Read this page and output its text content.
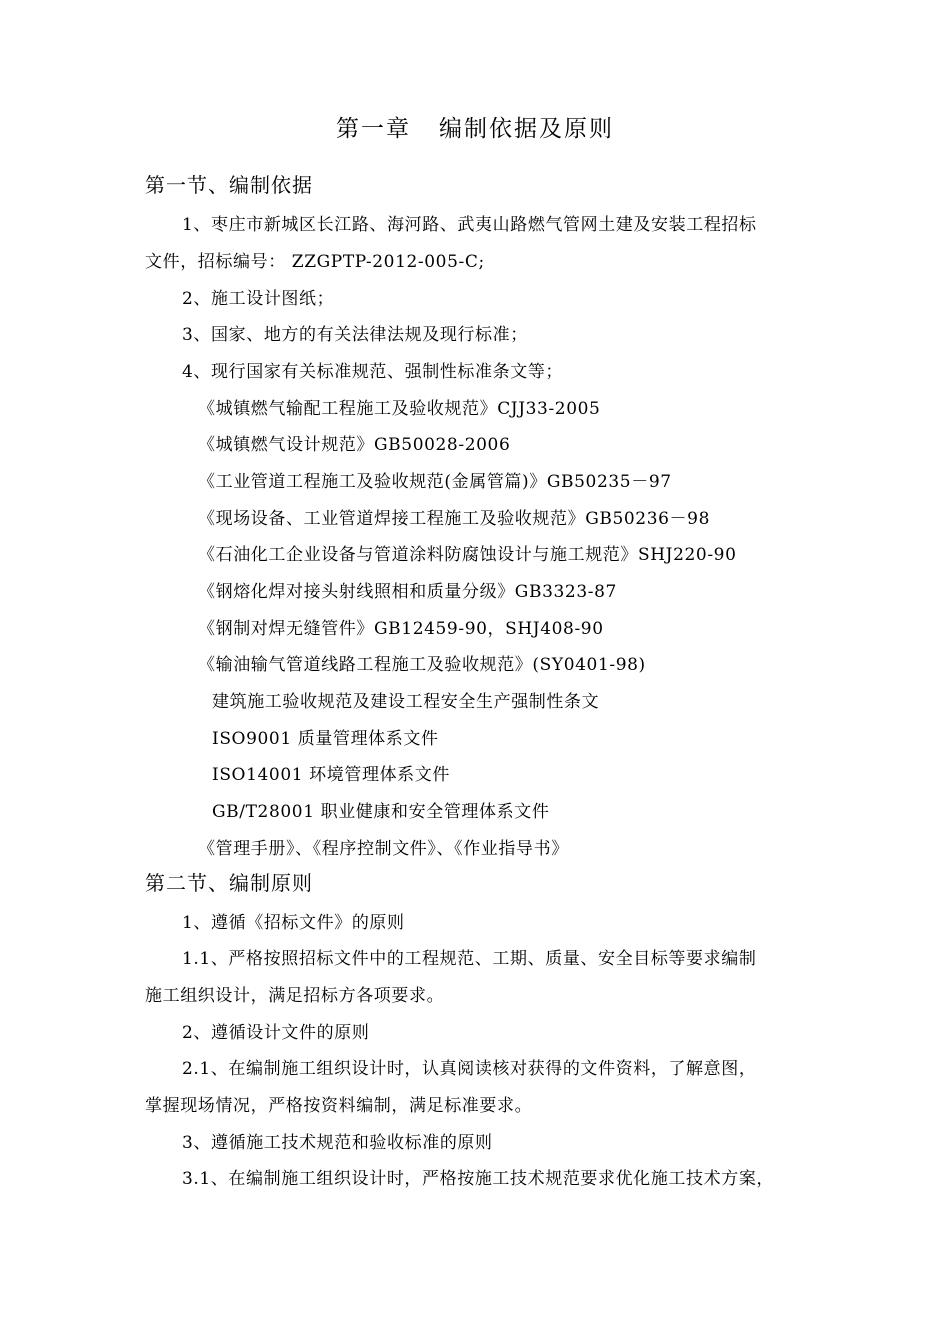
第一章 编制依据及原则
第一节、编制依据
1、枣庄市新城区长江路、海河路、武夷山路燃气管网土建及安装工程招标
文件，招标编号： ZZGPTP-2012-005-C;
2、施工设计图纸；
3、国家、地方的有关法律法规及现行标准；
4、现行国家有关标准规范、强制性标准条文等；
《城镇燃气输配工程施工及验收规范》CJJ33-2005
《城镇燃气设计规范》GB50028-2006
《工业管道工程施工及验收规范(金属管篇)》GB50235－97
《现场设备、工业管道焊接工程施工及验收规范》GB50236－98
《石油化工企业设备与管道涂料防腐蚀设计与施工规范》SHJ220-90
《钢熔化焊对接头射线照相和质量分级》GB3323-87
《钢制对焊无缝管件》GB12459-90，SHJ408-90
《输油输气管道线路工程施工及验收规范》(SY0401-98)
建筑施工验收规范及建设工程安全生产强制性条文
ISO9001 质量管理体系文件
ISO14001 环境管理体系文件
GB/T28001 职业健康和安全管理体系文件
《管理手册》、《程序控制文件》、《作业指导书》
第二节、编制原则
1、遵循《招标文件》的原则
1.1、严格按照招标文件中的工程规范、工期、质量、安全目标等要求编制
施工组织设计，满足招标方各项要求。
2、遵循设计文件的原则
2.1、在编制施工组织设计时，认真阅读核对获得的文件资料，了解意图，
掌握现场情况，严格按资料编制，满足标准要求。
3、遵循施工技术规范和验收标准的原则
3.1、在编制施工组织设计时，严格按施工技术规范要求优化施工技术方案，
